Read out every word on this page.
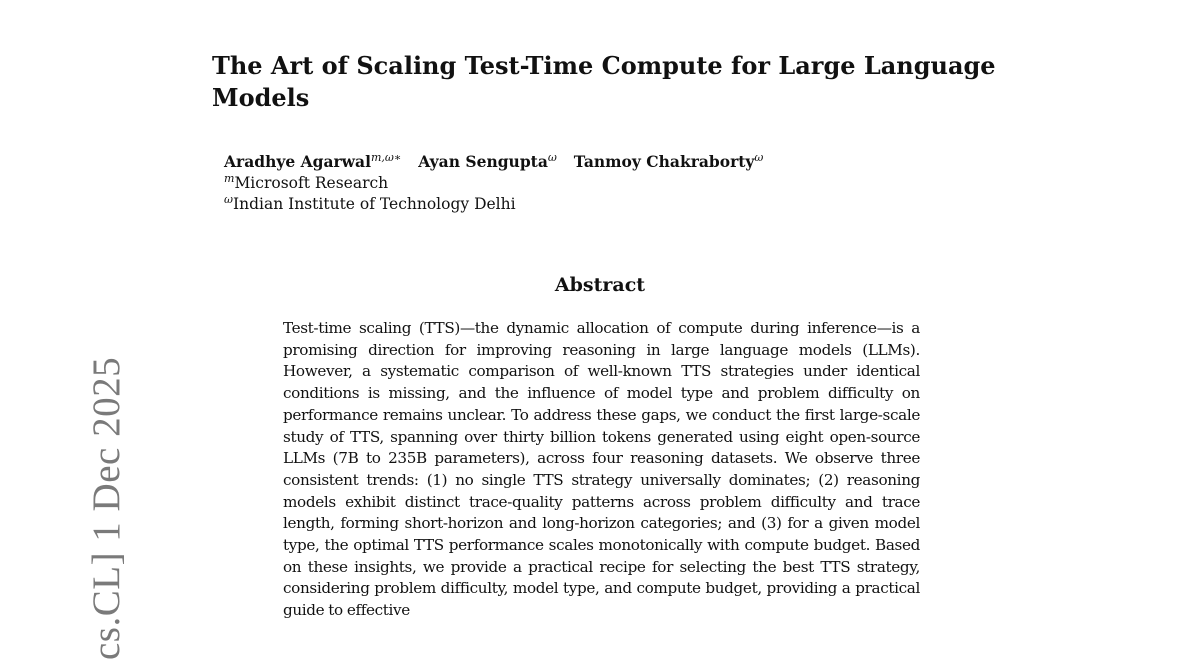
cs.CL] 1 Dec 2025
The Art of Scaling Test-Time Compute for Large Language Models
Aradhye Agarwal$^{m,\omega∗}$ Ayan Sengupta$^\omega$ Tanmoy Chakraborty$^\omega$
$^m$Microsoft Research
$^\omega$Indian Institute of Technology Delhi
Abstract

Test-time scaling (TTS)—the dynamic allocation of compute during inference—is a promising direction for improving reasoning in large language models (LLMs). However, a systematic comparison of well-known TTS strategies under identical conditions is missing, and the influence of model type and problem difficulty on performance remains unclear. To address these gaps, we conduct the first large-scale study of TTS, spanning over thirty billion tokens generated using eight open-source LLMs (7B to 235B parameters), across four reasoning datasets. We observe three consistent trends: (1) no single TTS strategy universally dominates; (2) reasoning models exhibit distinct trace-quality patterns across problem difficulty and trace length, forming short-horizon and long-horizon categories; and (3) for a given model type, the optimal TTS performance scales monotonically with compute budget. Based on these insights, we provide a practical recipe for selecting the best TTS strategy, considering problem difficulty, model type, and compute budget, providing a practical guide to effective
